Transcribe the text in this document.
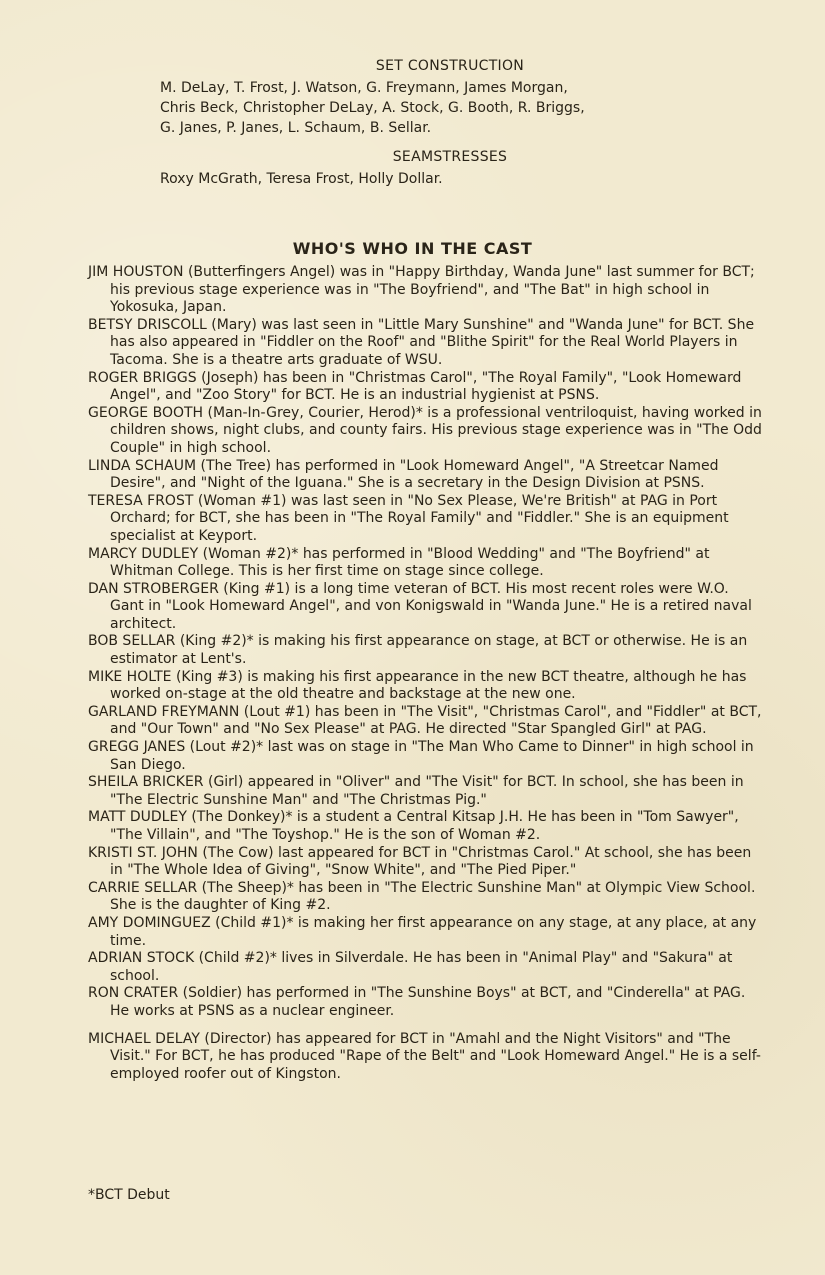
SET CONSTRUCTION

M. DeLay, T. Frost, J. Watson, G. Freymann, James Morgan,
Chris Beck, Christopher DeLay, A. Stock, G. Booth, R. Briggs,
G. Janes, P. Janes, L. Schaum, B. Sellar.

SEAMSTRESSES

Roxy McGrath, Teresa Frost, Holly Dollar.

WHO'S WHO IN THE CAST

JIM HOUSTON (Butterfingers Angel) was in "Happy Birthday, Wanda June" last summer for BCT; his previous stage experience was in "The Boyfriend", and "The Bat" in high school in Yokosuka, Japan.

BETSY DRISCOLL (Mary) was last seen in "Little Mary Sunshine" and "Wanda June" for BCT. She has also appeared in "Fiddler on the Roof" and "Blithe Spirit" for the Real World Players in Tacoma. She is a theatre arts graduate of WSU.

ROGER BRIGGS (Joseph) has been in "Christmas Carol", "The Royal Family", "Look Homeward Angel", and "Zoo Story" for BCT. He is an industrial hygienist at PSNS.

GEORGE BOOTH (Man-In-Grey, Courier, Herod)* is a professional ventriloquist, having worked in children shows, night clubs, and county fairs. His previous stage experience was in "The Odd Couple" in high school.

LINDA SCHAUM (The Tree) has performed in "Look Homeward Angel", "A Streetcar Named Desire", and "Night of the Iguana." She is a secretary in the Design Division at PSNS.

TERESA FROST (Woman #1) was last seen in "No Sex Please, We're British" at PAG in Port Orchard; for BCT, she has been in "The Royal Family" and "Fiddler." She is an equipment specialist at Keyport.

MARCY DUDLEY (Woman #2)* has performed in "Blood Wedding" and "The Boyfriend" at Whitman College. This is her first time on stage since college.

DAN STROBERGER (King #1) is a long time veteran of BCT. His most recent roles were W.O. Gant in "Look Homeward Angel", and von Konigswald in "Wanda June." He is a retired naval architect.

BOB SELLAR (King #2)* is making his first appearance on stage, at BCT or otherwise. He is an estimator at Lent's.

MIKE HOLTE (King #3) is making his first appearance in the new BCT theatre, although he has worked on-stage at the old theatre and backstage at the new one.

GARLAND FREYMANN (Lout #1) has been in "The Visit", "Christmas Carol", and "Fiddler" at BCT, and "Our Town" and "No Sex Please" at PAG. He directed "Star Spangled Girl" at PAG.

GREGG JANES (Lout #2)* last was on stage in "The Man Who Came to Dinner" in high school in San Diego.

SHEILA BRICKER (Girl) appeared in "Oliver" and "The Visit" for BCT. In school, she has been in "The Electric Sunshine Man" and "The Christmas Pig."

MATT DUDLEY (The Donkey)* is a student a Central Kitsap J.H. He has been in "Tom Sawyer", "The Villain", and "The Toyshop." He is the son of Woman #2.

KRISTI ST. JOHN (The Cow) last appeared for BCT in "Christmas Carol." At school, she has been in "The Whole Idea of Giving", "Snow White", and "The Pied Piper."

CARRIE SELLAR (The Sheep)* has been in "The Electric Sunshine Man" at Olympic View School. She is the daughter of King #2.

AMY DOMINGUEZ (Child #1)* is making her first appearance on any stage, at any place, at any time.

ADRIAN STOCK (Child #2)* lives in Silverdale. He has been in "Animal Play" and "Sakura" at school.

RON CRATER (Soldier) has performed in "The Sunshine Boys" at BCT, and "Cinderella" at PAG. He works at PSNS as a nuclear engineer.

MICHAEL DELAY (Director) has appeared for BCT in "Amahl and the Night Visitors" and "The Visit." For BCT, he has produced "Rape of the Belt" and "Look Homeward Angel." He is a self-employed roofer out of Kingston.

*BCT Debut
